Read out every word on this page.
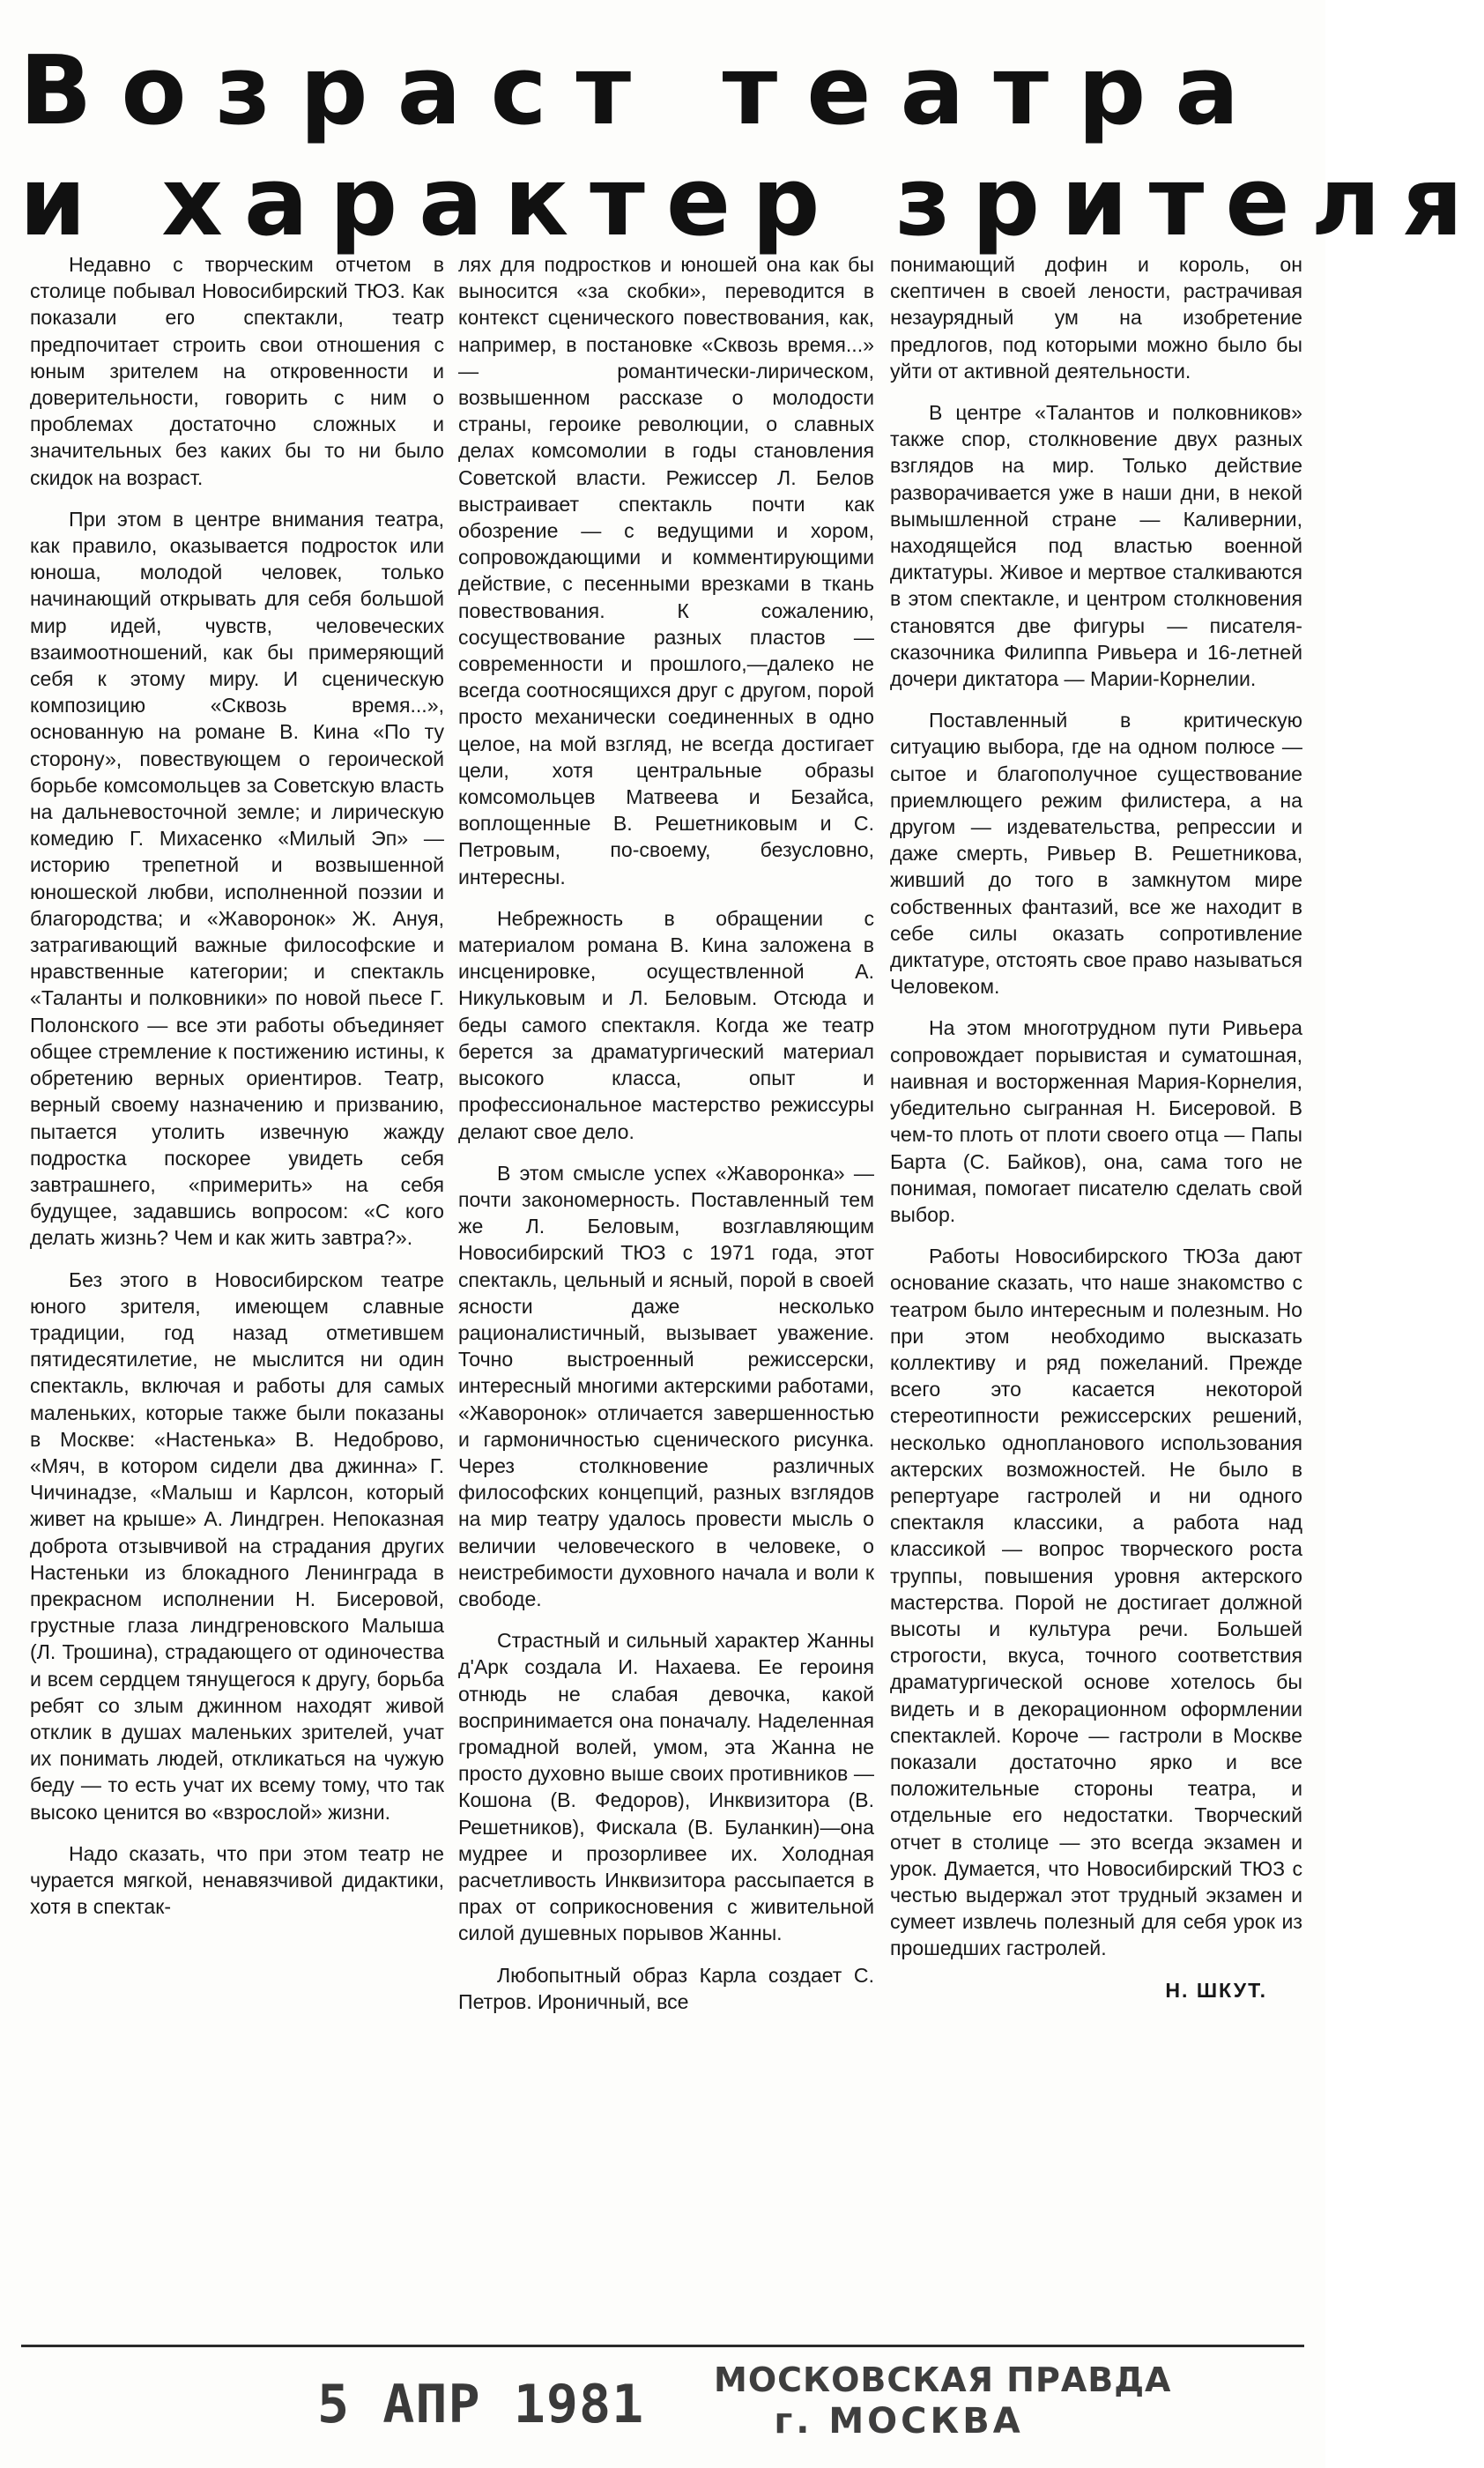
Возраст театра
и характер зрителя

Недавно с творческим отчетом в столице побывал Новосибирский ТЮЗ. Как показали его спектакли, театр предпочитает строить свои отношения с юным зрителем на откровенности и доверительности, говорить с ним о проблемах достаточно сложных и значительных без каких бы то ни было скидок на возраст.

При этом в центре внимания театра, как правило, оказывается подросток или юноша, молодой человек, только начинающий открывать для себя большой мир идей, чувств, человеческих взаимоотношений, как бы примеряющий себя к этому миру. И сценическую композицию «Сквозь время...», основанную на романе В. Кина «По ту сторону», повествующем о героической борьбе комсомольцев за Советскую власть на дальневосточной земле; и лирическую комедию Г. Михасенко «Милый Эп» — историю трепетной и возвышенной юношеской любви, исполненной поэзии и благородства; и «Жаворонок» Ж. Ануя, затрагивающий важные философские и нравственные категории; и спектакль «Таланты и полковники» по новой пьесе Г. Полонского — все эти работы объединяет общее стремление к постижению истины, к обретению верных ориентиров. Театр, верный своему назначению и призванию, пытается утолить извечную жажду подростка поскорее увидеть себя завтрашнего, «примерить» на себя будущее, задавшись вопросом: «С кого делать жизнь? Чем и как жить завтра?».

Без этого в Новосибирском театре юного зрителя, имеющем славные традиции, год назад отметившем пятидесятилетие, не мыслится ни один спектакль, включая и работы для самых маленьких, которые также были показаны в Москве: «Настенька» В. Недоброво, «Мяч, в котором сидели два джинна» Г. Чичинадзе, «Малыш и Карлсон, который живет на крыше» А. Линдгрен. Непоказная доброта отзывчивой на страдания других Настеньки из блокадного Ленинграда в прекрасном исполнении Н. Бисеровой, грустные глаза линдгреновского Малыша (Л. Трошина), страдающего от одиночества и всем сердцем тянущегося к другу, борьба ребят со злым джинном находят живой отклик в душах маленьких зрителей, учат их понимать людей, откликаться на чужую беду — то есть учат их всему тому, что так высоко ценится во «взрослой» жизни.

Надо сказать, что при этом театр не чурается мягкой, ненавязчивой дидактики, хотя в спектак-

лях для подростков и юношей она как бы выносится «за скобки», переводится в контекст сценического повествования, как, например, в постановке «Сквозь время...» — романтически-лирическом, возвышенном рассказе о молодости страны, героике революции, о славных делах комсомолии в годы становления Советской власти. Режиссер Л. Белов выстраивает спектакль почти как обозрение — с ведущими и хором, сопровождающими и комментирующими действие, с песенными врезками в ткань повествования. К сожалению, сосуществование разных пластов — современности и прошлого,—далеко не всегда соотносящихся друг с другом, порой просто механически соединенных в одно целое, на мой взгляд, не всегда достигает цели, хотя центральные образы комсомольцев Матвеева и Безайса, воплощенные В. Решетниковым и С. Петровым, по-своему, безусловно, интересны.

Небрежность в обращении с материалом романа В. Кина заложена в инсценировке, осуществленной А. Никульковым и Л. Беловым. Отсюда и беды самого спектакля. Когда же театр берется за драматургический материал высокого класса, опыт и профессиональное мастерство режиссуры делают свое дело.

В этом смысле успех «Жаворонка» — почти закономерность. Поставленный тем же Л. Беловым, возглавляющим Новосибирский ТЮЗ с 1971 года, этот спектакль, цельный и ясный, порой в своей ясности даже несколько рационалистичный, вызывает уважение. Точно выстроенный режиссерски, интересный многими актерскими работами, «Жаворонок» отличается завершенностью и гармоничностью сценического рисунка. Через столкновение различных философских концепций, разных взглядов на мир театру удалось провести мысль о величии человеческого в человеке, о неистребимости духовного начала и воли к свободе.

Страстный и сильный характер Жанны д'Арк создала И. Нахаева. Ее героиня отнюдь не слабая девочка, какой воспринимается она поначалу. Наделенная громадной волей, умом, эта Жанна не просто духовно выше своих противников — Кошона (В. Федоров), Инквизитора (В. Решетников), Фискала (В. Буланкин)—она мудрее и прозорливее их. Холодная расчетливость Инквизитора рассыпается в прах от соприкосновения с живительной силой душевных порывов Жанны.

Любопытный образ Карла создает С. Петров. Ироничный, все

понимающий дофин и король, он скептичен в своей лености, растрачивая незаурядный ум на изобретение предлогов, под которыми можно было бы уйти от активной деятельности.

В центре «Талантов и полковников» также спор, столкновение двух разных взглядов на мир. Только действие разворачивается уже в наши дни, в некой вымышленной стране — Каливернии, находящейся под властью военной диктатуры. Живое и мертвое сталкиваются в этом спектакле, и центром столкновения становятся две фигуры — писателя-сказочника Филиппа Ривьера и 16-летней дочери диктатора — Марии-Корнелии.

Поставленный в критическую ситуацию выбора, где на одном полюсе — сытое и благополучное существование приемлющего режим филистера, а на другом — издевательства, репрессии и даже смерть, Ривьер В. Решетникова, живший до того в замкнутом мире собственных фантазий, все же находит в себе силы оказать сопротивление диктатуре, отстоять свое право называться Человеком.

На этом многотрудном пути Ривьера сопровождает порывистая и суматошная, наивная и восторженная Мария-Корнелия, убедительно сыгранная Н. Бисеровой. В чем-то плоть от плоти своего отца — Папы Барта (С. Байков), она, сама того не понимая, помогает писателю сделать свой выбор.

Работы Новосибирского ТЮЗа дают основание сказать, что наше знакомство с театром было интересным и полезным. Но при этом необходимо высказать коллективу и ряд пожеланий. Прежде всего это касается некоторой стереотипности режиссерских решений, несколько однопланового использования актерских возможностей. Не было в репертуаре гастролей и ни одного спектакля классики, а работа над классикой — вопрос творческого роста труппы, повышения уровня актерского мастерства. Порой не достигает должной высоты и культура речи. Большей строгости, вкуса, точного соответствия драматургической основе хотелось бы видеть и в декорационном оформлении спектаклей. Короче — гастроли в Москве показали достаточно ярко и все положительные стороны театра, и отдельные его недостатки. Творческий отчет в столице — это всегда экзамен и урок. Думается, что Новосибирский ТЮЗ с честью выдержал этот трудный экзамен и сумеет извлечь полезный для себя урок из прошедших гастролей.

Н. ШКУТ.

5 АПР 1981 МОСКОВСКАЯ ПРАВДА
г. МОСКВА
